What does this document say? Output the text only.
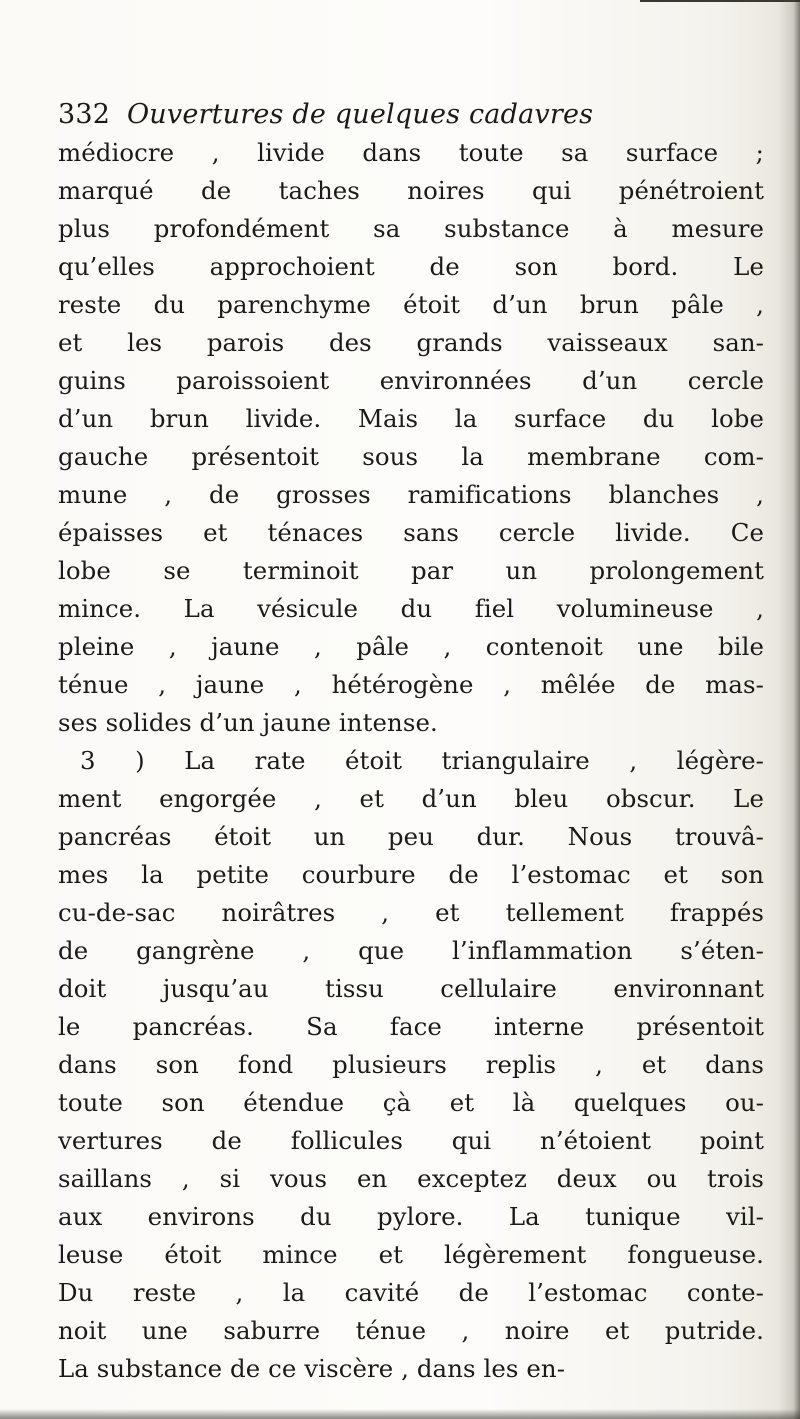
332 Ouvertures de quelques cadavres
médiocre , livide dans toute sa surface ;
marqué de taches noires qui pénétroient
plus profondément sa substance à mesure
qu’elles approchoient de son bord. Le
reste du parenchyme étoit d’un brun pâle ,
et les parois des grands vaisseaux san-
guins paroissoient environnées d’un cercle
d’un brun livide. Mais la surface du lobe
gauche présentoit sous la membrane com-
mune , de grosses ramifications blanches ,
épaisses et ténaces sans cercle livide. Ce
lobe se terminoit par un prolongement
mince. La vésicule du fiel volumineuse ,
pleine , jaune , pâle , contenoit une bile
ténue , jaune , hétérogène , mêlée de mas-
ses solides d’un jaune intense.
3 ) La rate étoit triangulaire , légère-
ment engorgée , et d’un bleu obscur. Le
pancréas étoit un peu dur. Nous trouvâ-
mes la petite courbure de l’estomac et son
cu-de-sac noirâtres , et tellement frappés
de gangrène , que l’inflammation s’éten-
doit jusqu’au tissu cellulaire environnant
le pancréas. Sa face interne présentoit
dans son fond plusieurs replis , et dans
toute son étendue çà et là quelques ou-
vertures de follicules qui n’étoient point
saillans , si vous en exceptez deux ou trois
aux environs du pylore. La tunique vil-
leuse étoit mince et légèrement fongueuse.
Du reste , la cavité de l’estomac conte-
noit une saburre ténue , noire et putride.
La substance de ce viscère , dans les en-
